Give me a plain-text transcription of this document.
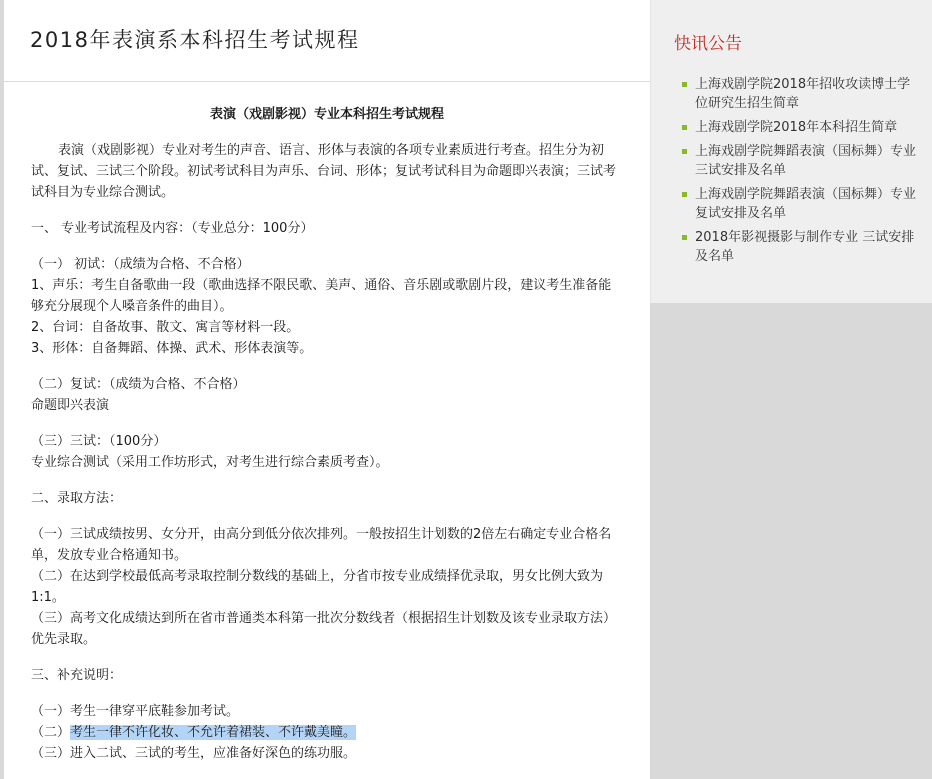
2018年表演系本科招生考试规程
表演（戏剧影视）专业本科招生考试规程

表演（戏剧影视）专业对考生的声音、语言、形体与表演的各项专业素质进行考查。招生分为初试、复试、三试三个阶段。初试考试科目为声乐、台词、形体；复试考试科目为命题即兴表演；三试考试科目为专业综合测试。

一、 专业考试流程及内容：（专业总分：100分）

（一） 初试：（成绩为合格、不合格）

1、声乐：考生自备歌曲一段（歌曲选择不限民歌、美声、通俗、音乐剧或歌剧片段，建议考生准备能够充分展现个人嗓音条件的曲目）。

2、台词：自备故事、散文、寓言等材料一段。

3、形体：自备舞蹈、体操、武术、形体表演等。

（二）复试：（成绩为合格、不合格）

命题即兴表演

（三）三试：（100分）

专业综合测试（采用工作坊形式，对考生进行综合素质考查）。

二、录取方法：

（一）三试成绩按男、女分开，由高分到低分依次排列。一般按招生计划数的2倍左右确定专业合格名单，发放专业合格通知书。

（二）在达到学校最低高考录取控制分数线的基础上，分省市按专业成绩择优录取，男女比例大致为1:1。

（三）高考文化成绩达到所在省市普通类本科第一批次分数线者（根据招生计划数及该专业录取方法）优先录取。

三、补充说明：

（一）考生一律穿平底鞋参加考试。

（二）考生一律不许化妆、不允许着裙装、不许戴美瞳。

（三）进入二试、三试的考生，应准备好深色的练功服。

快讯公告
上海戏剧学院2018年招收攻读博士学位研究生招生简章
上海戏剧学院2018年本科招生简章
上海戏剧学院舞蹈表演（国标舞）专业三试安排及名单
上海戏剧学院舞蹈表演（国标舞）专业复试安排及名单
2018年影视摄影与制作专业 三试安排及名单
